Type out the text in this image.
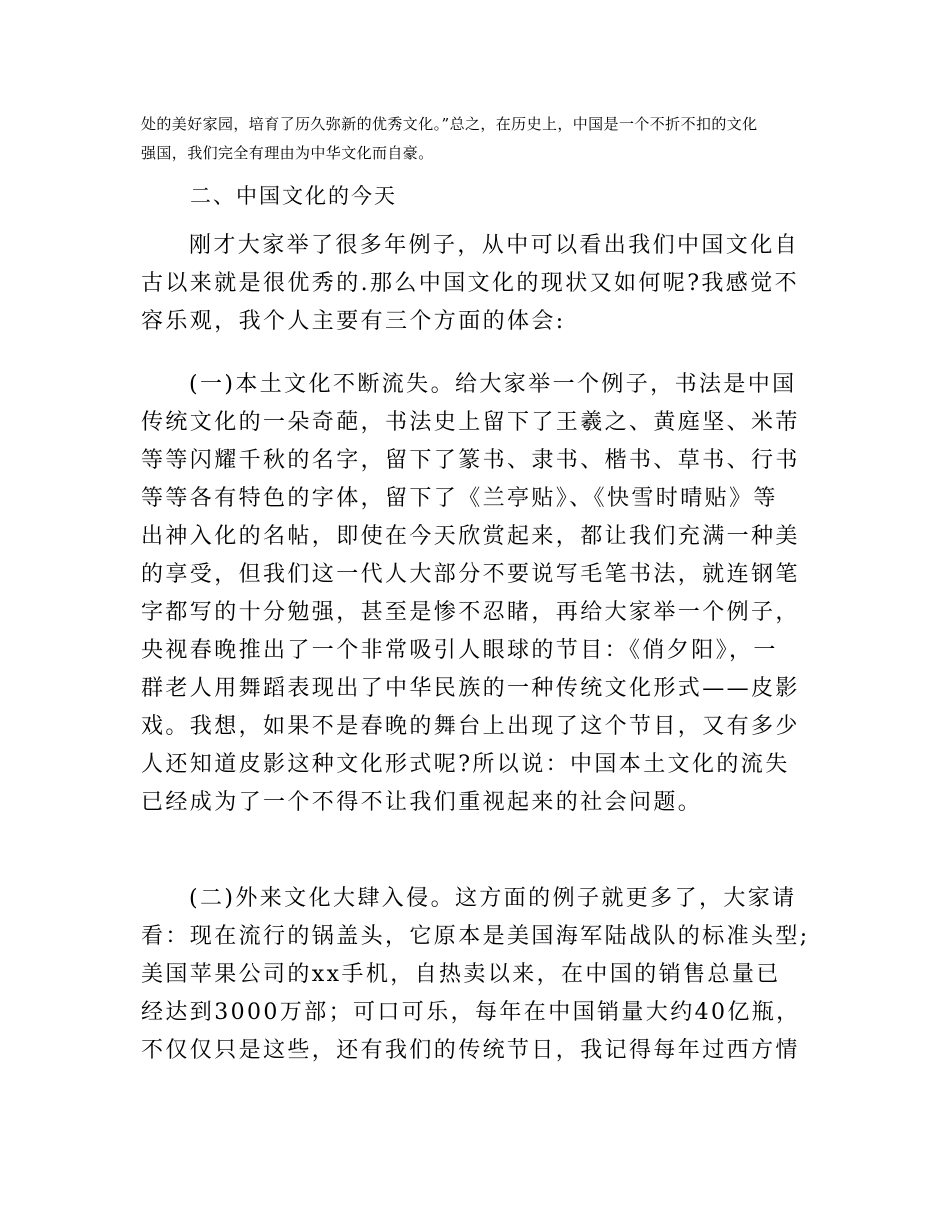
处的美好家园，培育了历久弥新的优秀文化。”总之，在历史上，中国是一个不折不扣的文化
强国，我们完全有理由为中华文化而自豪。
二、中国文化的今天
刚才大家举了很多年例子，从中可以看出我们中国文化自
古以来就是很优秀的.那么中国文化的现状又如何呢?我感觉不
容乐观，我个人主要有三个方面的体会:
(一)本土文化不断流失。给大家举一个例子，书法是中国
传统文化的一朵奇葩，书法史上留下了王羲之、黄庭坚、米芾
等等闪耀千秋的名字，留下了篆书、隶书、楷书、草书、行书
等等各有特色的字体，留下了《兰亭贴》、《快雪时晴贴》等
出神入化的名帖，即使在今天欣赏起来，都让我们充满一种美
的享受，但我们这一代人大部分不要说写毛笔书法，就连钢笔
字都写的十分勉强，甚至是惨不忍睹，再给大家举一个例子，
央视春晚推出了一个非常吸引人眼球的节目：《俏夕阳》，一
群老人用舞蹈表现出了中华民族的一种传统文化形式——皮影
戏。我想，如果不是春晚的舞台上出现了这个节目，又有多少
人还知道皮影这种文化形式呢?所以说：中国本土文化的流失
已经成为了一个不得不让我们重视起来的社会问题。
(二)外来文化大肆入侵。这方面的例子就更多了，大家请
看：现在流行的锅盖头，它原本是美国海军陆战队的标准头型;
美国苹果公司的xx手机，自热卖以来，在中国的销售总量已
经达到3000万部；可口可乐，每年在中国销量大约40亿瓶，
不仅仅只是这些，还有我们的传统节日，我记得每年过西方情
